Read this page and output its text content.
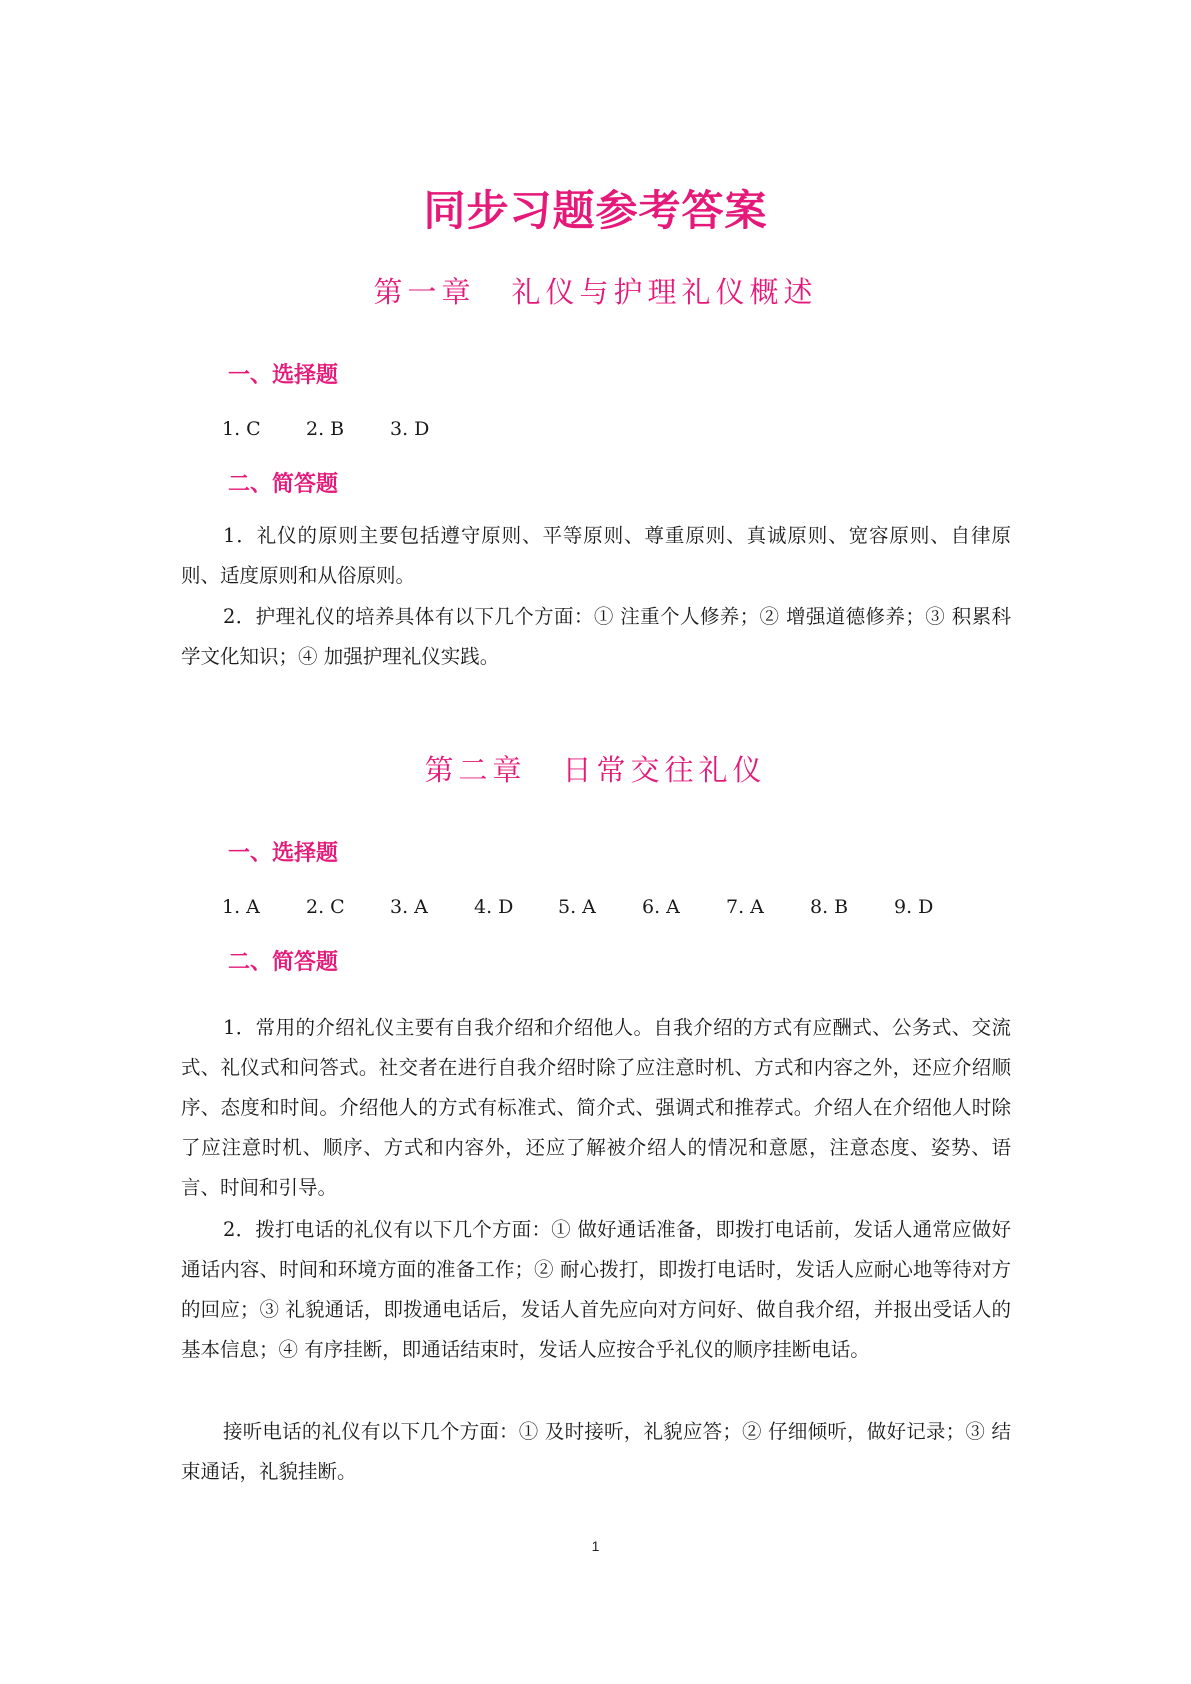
同步习题参考答案
第一章 礼仪与护理礼仪概述
一、选择题
1. C	2. B	3. D
二、简答题

1．礼仪的原则主要包括遵守原则、平等原则、尊重原则、真诚原则、宽容原则、自律原则、适度原则和从俗原则。

2．护理礼仪的培养具体有以下几个方面：① 注重个人修养；② 增强道德修养；③ 积累科学文化知识；④ 加强护理礼仪实践。

第二章 日常交往礼仪
一、选择题
1. A	2. C	3. A	4. D	5. A	6. A	7. A	8. B	9. D
二、简答题

1．常用的介绍礼仪主要有自我介绍和介绍他人。自我介绍的方式有应酬式、公务式、交流式、礼仪式和问答式。社交者在进行自我介绍时除了应注意时机、方式和内容之外，还应介绍顺序、态度和时间。介绍他人的方式有标准式、简介式、强调式和推荐式。介绍人在介绍他人时除了应注意时机、顺序、方式和内容外，还应了解被介绍人的情况和意愿，注意态度、姿势、语言、时间和引导。

2．拨打电话的礼仪有以下几个方面：① 做好通话准备，即拨打电话前，发话人通常应做好通话内容、时间和环境方面的准备工作；② 耐心拨打，即拨打电话时，发话人应耐心地等待对方的回应；③ 礼貌通话，即拨通电话后，发话人首先应向对方问好、做自我介绍，并报出受话人的基本信息；④ 有序挂断，即通话结束时，发话人应按合乎礼仪的顺序挂断电话。

接听电话的礼仪有以下几个方面：① 及时接听，礼貌应答；② 仔细倾听，做好记录；③ 结束通话，礼貌挂断。

1
